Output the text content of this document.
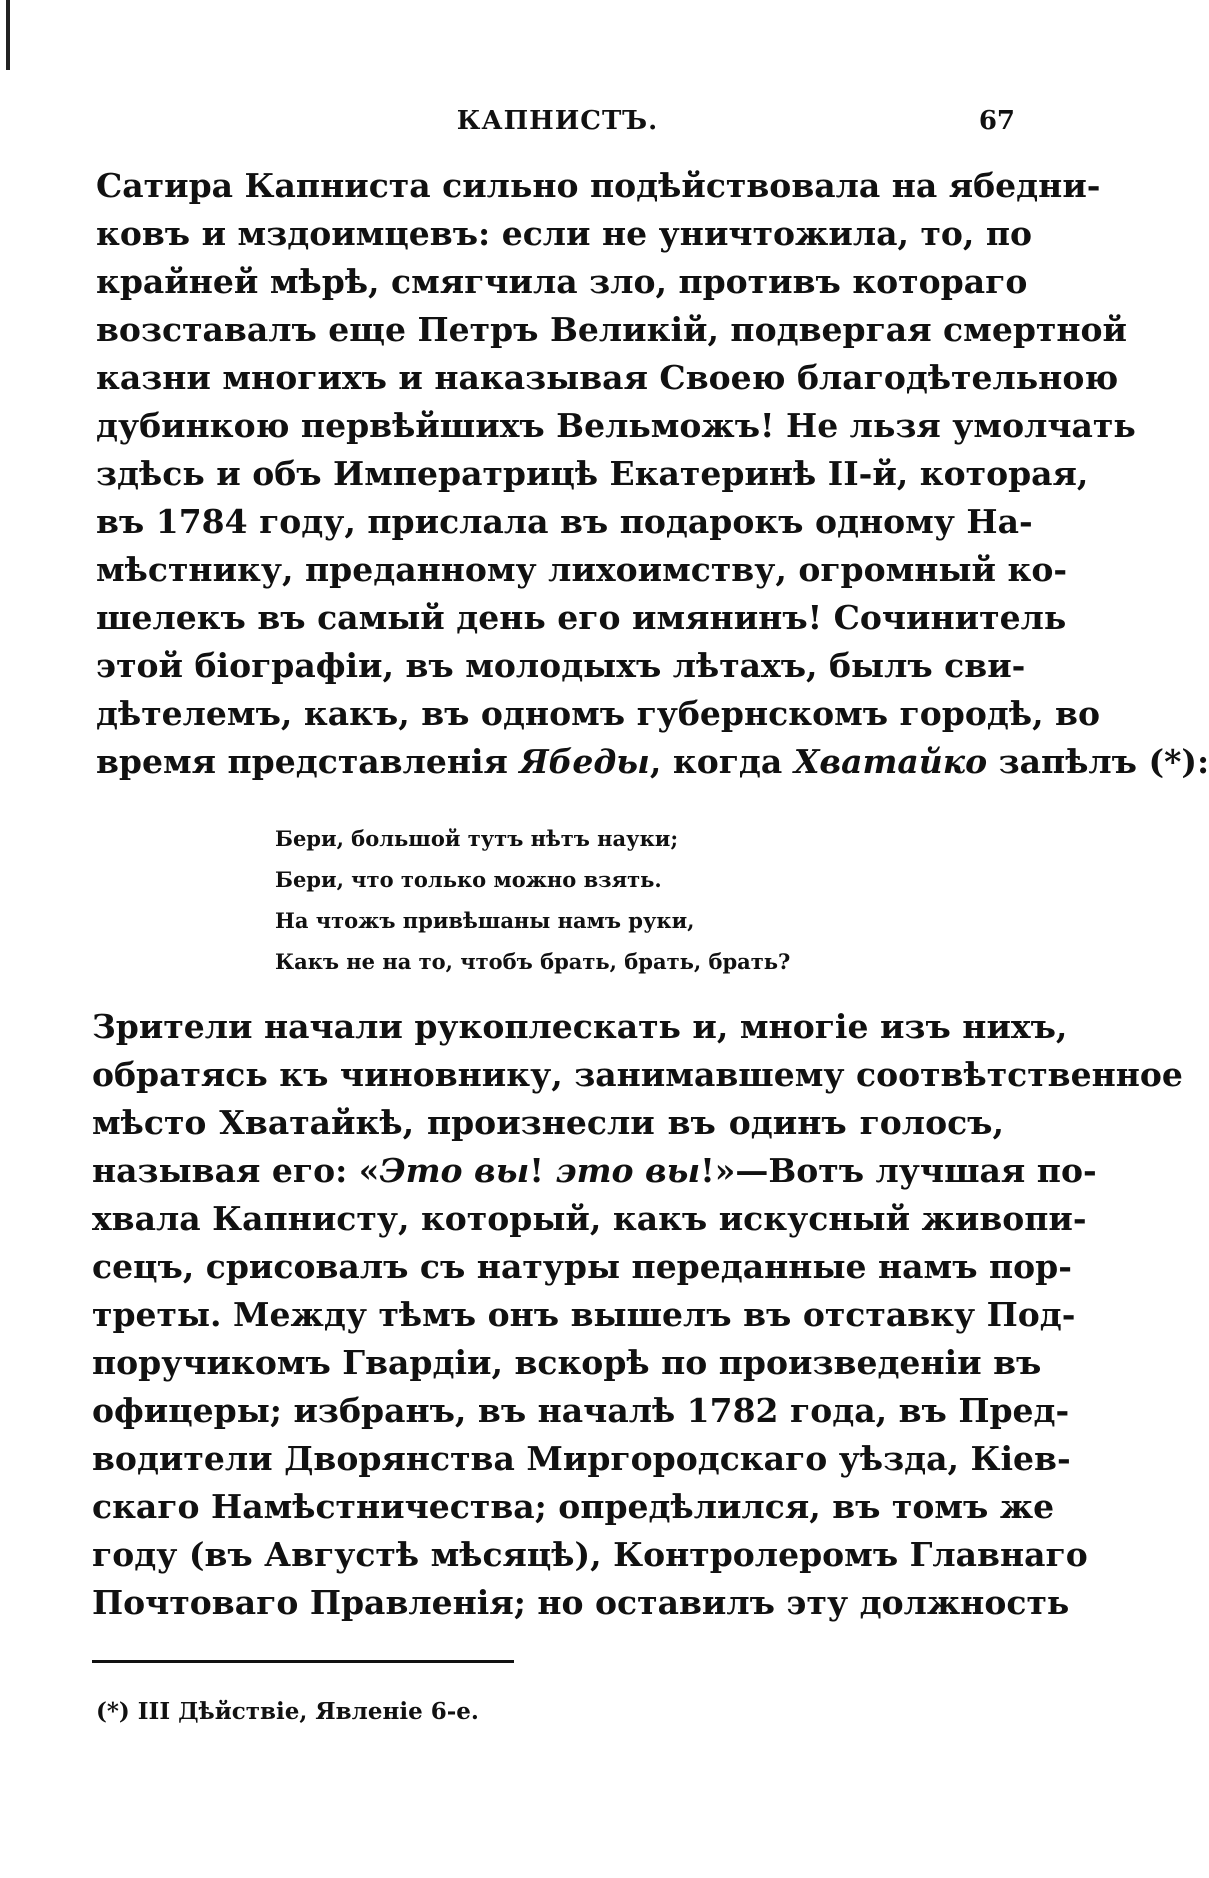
КАПНИСТЪ.	67
Сатира Капниста сильно подѣйствовала на ябедни-
ковъ и мздоимцевъ: если не уничтожила, то, по
крайней мѣрѣ, смягчила зло, противъ котораго
возставалъ еще Петръ Великій, подвергая смертной
казни многихъ и наказывая Своею благодѣтельною
дубинкою первѣйшихъ Вельможъ! Не льзя умолчать
здѣсь и объ Императрицѣ Екатеринѣ II-й, которая,
въ 1784 году, прислала въ подарокъ одному На-
мѣстнику, преданному лихоимству, огромный ко-
шелекъ въ самый день его имянинъ! Сочинитель
этой біографіи, въ молодыхъ лѣтахъ, былъ сви-
дѣтелемъ, какъ, въ одномъ губернскомъ городѣ, во
время представленія Ябеды, когда Хватайко запѣлъ (*):
Бери, большой тутъ нѣтъ науки;
Бери, что только можно взять.
На чтожъ привѣшаны намъ руки,
Какъ не на то, чтобъ брать, брать, брать?
Зрители начали рукоплескать и, многіе изъ нихъ,
обратясь къ чиновнику, занимавшему соотвѣтственное
мѣсто Хватайкѣ, произнесли въ одинъ голосъ,
называя его: «Это вы! это вы!»—Вотъ лучшая по-
хвала Капнисту, который, какъ искусный живопи-
сецъ, срисовалъ съ натуры переданные намъ пор-
треты. Между тѣмъ онъ вышелъ въ отставку Под-
поручикомъ Гвардіи, вскорѣ по произведеніи въ
офицеры; избранъ, въ началѣ 1782 года, въ Пред-
водители Дворянства Миргородскаго уѣзда, Кіев-
скаго Намѣстничества; опредѣлился, въ томъ же
году (въ Августѣ мѣсяцѣ), Контролеромъ Главнаго
Почтоваго Правленія; но оставилъ эту должность
(*) III Дѣйствіе, Явленіе 6-е.
